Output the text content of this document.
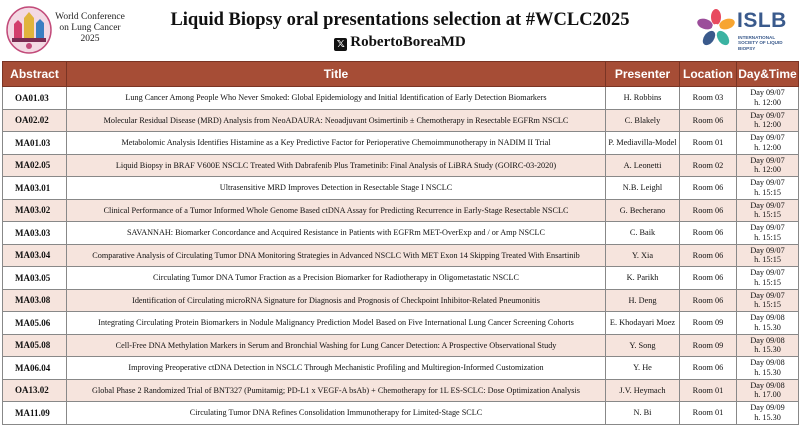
World Conference
on Lung Cancer
2025
Liquid Biopsy oral presentations selection at #WCLC2025
𝕏 RobertoBoreaMD
ISLB
INTERNATIONAL SOCIETY OF LIQUID BIOPSY
Abstract	Title	Presenter	Location	Day&Time
OA01.03	Lung Cancer Among People Who Never Smoked: Global Epidemiology and Initial Identification of Early Detection Biomarkers	H. Robbins	Room 03	Day 09/07
h. 12:00

OA02.02	Molecular Residual Disease (MRD) Analysis from NeoADAURA: Neoadjuvant Osimertinib ± Chemotherapy in Resectable EGFRm NSCLC	C. Blakely	Room 06	Day 09/07
h. 12:00

MA01.03	Metabolomic Analysis Identifies Histamine as a Key Predictive Factor for Perioperative Chemoimmunotherapy in NADIM II Trial	P. Mediavilla-Model	Room 01	Day 09/07
h. 12:00

MA02.05	Liquid Biopsy in BRAF V600E NSCLC Treated With Dabrafenib Plus Trametinib: Final Analysis of LiBRA Study (GOIRC-03-2020)	A. Leonetti	Room 02	Day 09/07
h. 12:00

MA03.01	Ultrasensitive MRD Improves Detection in Resectable Stage I NSCLC	N.B. Leighl	Room 06	Day 09/07
h. 15:15

MA03.02	Clinical Performance of a Tumor Informed Whole Genome Based ctDNA Assay for Predicting Recurrence in Early-Stage Resectable NSCLC	G. Becherano	Room 06	Day 09/07
h. 15:15

MA03.03	SAVANNAH: Biomarker Concordance and Acquired Resistance in Patients with EGFRm MET-OverExp and / or Amp NSCLC	C. Baik	Room 06	Day 09/07
h. 15:15

MA03.04	Comparative Analysis of Circulating Tumor DNA Monitoring Strategies in Advanced NSCLC With MET Exon 14 Skipping Treated With Ensartinib	Y. Xia	Room 06	Day 09/07
h. 15:15

MA03.05	Circulating Tumor DNA Tumor Fraction as a Precision Biomarker for Radiotherapy in Oligometastatic NSCLC	K. Parikh	Room 06	Day 09/07
h. 15:15

MA03.08	Identification of Circulating microRNA Signature for Diagnosis and Prognosis of Checkpoint Inhibitor-Related Pneumonitis	H. Deng	Room 06	Day 09/07
h. 15:15

MA05.06	Integrating Circulating Protein Biomarkers in Nodule Malignancy Prediction Model Based on Five International Lung Cancer Screening Cohorts	E. Khodayari Moez	Room 09	Day 09/08
h. 15.30

MA05.08	Cell-Free DNA Methylation Markers in Serum and Bronchial Washing for Lung Cancer Detection: A Prospective Observational Study	Y. Song	Room 09	Day 09/08
h. 15.30

MA06.04	Improving Preoperative ctDNA Detection in NSCLC Through Mechanistic Profiling and Multiregion-Informed Customization	Y. He	Room 06	Day 09/08
h. 15.30

OA13.02	Global Phase 2 Randomized Trial of BNT327 (Pumitamig; PD-L1 x VEGF-A bsAb) + Chemotherapy for 1L ES-SCLC: Dose Optimization Analysis	J.V. Heymach	Room 01	Day 09/08
h. 17.00

MA11.09	Circulating Tumor DNA Refines Consolidation Immunotherapy for Limited-Stage SCLC	N. Bi	Room 01	Day 09/09
h. 15.30
